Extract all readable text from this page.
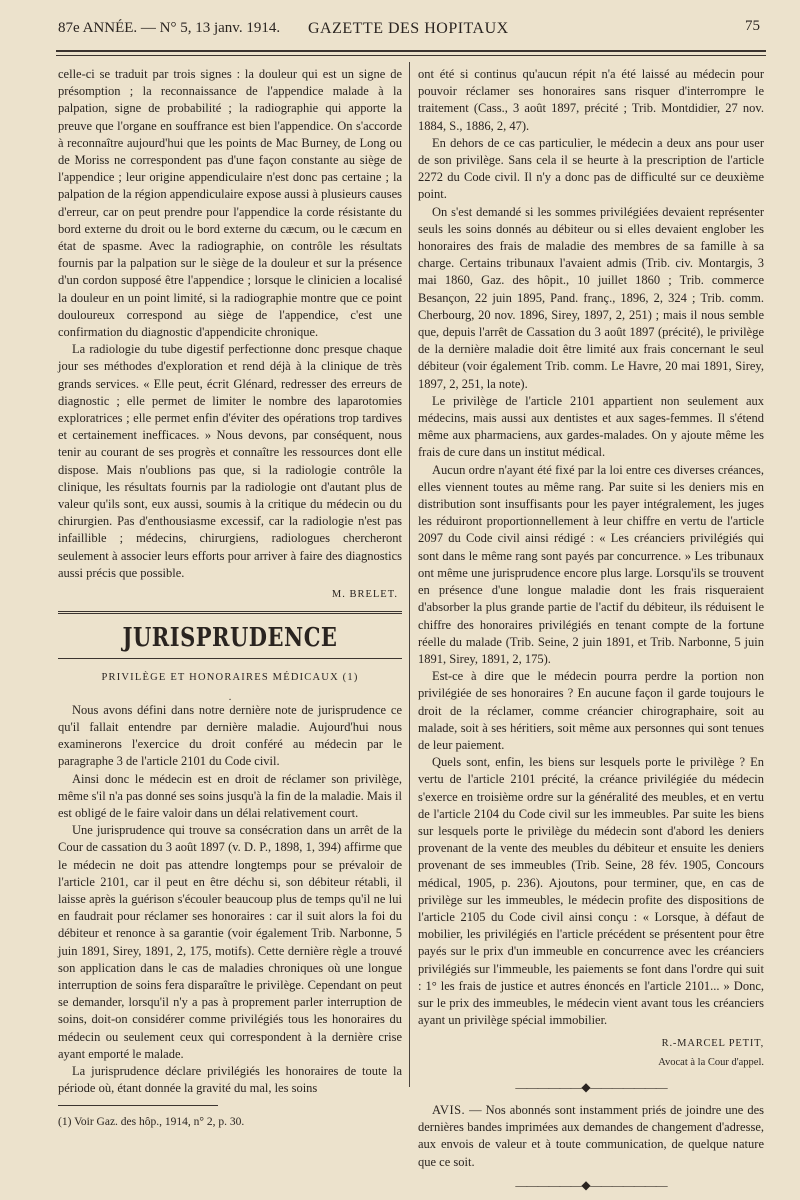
87e ANNÉE. — N° 5, 13 janv. 1914. GAZETTE DES HOPITAUX	75

celle-ci se traduit par trois signes : la douleur qui est un signe de présomption ; la reconnaissance de l'appendice malade à la palpation, signe de probabilité ; la radiographie qui apporte la preuve que l'organe en souffrance est bien l'appendice. On s'accorde à reconnaître aujourd'hui que les points de Mac Burney, de Long ou de Moriss ne correspondent pas d'une façon constante au siège de l'appendice ; leur origine appendiculaire n'est donc pas certaine ; la palpation de la région appendiculaire expose aussi à plusieurs causes d'erreur, car on peut prendre pour l'appendice la corde résistante du bord externe du droit ou le bord externe du cæcum, ou le cæcum en état de spasme. Avec la radiographie, on contrôle les résultats fournis par la palpation sur le siège de la douleur et sur la présence d'un cordon supposé être l'appendice ; lorsque le clinicien a localisé la douleur en un point limité, si la radiographie montre que ce point douloureux correspond au siège de l'appendice, c'est une confirmation du diagnostic d'appendicite chronique.

La radiologie du tube digestif perfectionne donc presque chaque jour ses méthodes d'exploration et rend déjà à la clinique de très grands services. « Elle peut, écrit Glénard, redresser des erreurs de diagnostic ; elle permet de limiter le nombre des laparotomies exploratrices ; elle permet enfin d'éviter des opérations trop tardives et certainement inefficaces. » Nous devons, par conséquent, nous tenir au courant de ses progrès et connaître les ressources dont elle dispose. Mais n'oublions pas que, si la radiologie contrôle la clinique, les résultats fournis par la radiologie ont d'autant plus de valeur qu'ils sont, eux aussi, soumis à la critique du médecin ou du chirurgien. Pas d'enthousiasme excessif, car la radiologie n'est pas infaillible ; médecins, chirurgiens, radiologues chercheront seulement à associer leurs efforts pour arriver à faire des diagnostics aussi précis que possible.

M. BRELET.
JURISPRUDENCE
PRIVILÈGE ET HONORAIRES MÉDICAUX (1)
·

Nous avons défini dans notre dernière note de jurisprudence ce qu'il fallait entendre par dernière maladie. Aujourd'hui nous examinerons l'exercice du droit conféré au médecin par le paragraphe 3 de l'article 2101 du Code civil.

Ainsi donc le médecin est en droit de réclamer son privilège, même s'il n'a pas donné ses soins jusqu'à la fin de la maladie. Mais il est obligé de le faire valoir dans un délai relativement court.

Une jurisprudence qui trouve sa consécration dans un arrêt de la Cour de cassation du 3 août 1897 (v. D. P., 1898, 1, 394) affirme que le médecin ne doit pas attendre longtemps pour se prévaloir de l'article 2101, car il peut en être déchu si, son débiteur rétabli, il laisse après la guérison s'écouler beaucoup plus de temps qu'il ne lui en faudrait pour réclamer ses honoraires : car il suit alors la foi du débiteur et renonce à sa garantie (voir également Trib. Narbonne, 5 juin 1891, Sirey, 1891, 2, 175, motifs). Cette dernière règle a trouvé son application dans le cas de maladies chroniques où une longue interruption de soins fera disparaître le privilège. Cependant on peut se demander, lorsqu'il n'y a pas à proprement parler interruption de soins, doit-on considérer comme privilégiés tous les honoraires du médecin ou seulement ceux qui correspondent à la dernière crise ayant emporté le malade.

La jurisprudence déclare privilégiés les honoraires de toute la période où, étant donnée la gravité du mal, les soins

(1) Voir Gaz. des hôp., 1914, n° 2, p. 30.

ont été si continus qu'aucun répit n'a été laissé au médecin pour pouvoir réclamer ses honoraires sans risquer d'interrompre le traitement (Cass., 3 août 1897, précité ; Trib. Montdidier, 27 nov. 1884, S., 1886, 2, 47).

En dehors de ce cas particulier, le médecin a deux ans pour user de son privilège. Sans cela il se heurte à la prescription de l'article 2272 du Code civil. Il n'y a donc pas de difficulté sur ce deuxième point.

On s'est demandé si les sommes privilégiées devaient représenter seuls les soins donnés au débiteur ou si elles devaient englober les honoraires des frais de maladie des membres de sa famille à sa charge. Certains tribunaux l'avaient admis (Trib. civ. Montargis, 3 mai 1860, Gaz. des hôpit., 10 juillet 1860 ; Trib. commerce Besançon, 22 juin 1895, Pand. franç., 1896, 2, 324 ; Trib. comm. Cherbourg, 20 nov. 1896, Sirey, 1897, 2, 251) ; mais il nous semble que, depuis l'arrêt de Cassation du 3 août 1897 (précité), le privilège de la dernière maladie doit être limité aux frais concernant le seul débiteur (voir également Trib. comm. Le Havre, 20 mai 1891, Sirey, 1897, 2, 251, la note).

Le privilège de l'article 2101 appartient non seulement aux médecins, mais aussi aux dentistes et aux sages-femmes. Il s'étend même aux pharmaciens, aux gardes-malades. On y ajoute même les frais de cure dans un institut médical.

Aucun ordre n'ayant été fixé par la loi entre ces diverses créances, elles viennent toutes au même rang. Par suite si les deniers mis en distribution sont insuffisants pour les payer intégralement, les juges les réduiront proportionnellement à leur chiffre en vertu de l'article 2097 du Code civil ainsi rédigé : « Les créanciers privilégiés qui sont dans le même rang sont payés par concurrence. » Les tribunaux ont même une jurisprudence encore plus large. Lorsqu'ils se trouvent en présence d'une longue maladie dont les frais risqueraient d'absorber la plus grande partie de l'actif du débiteur, ils réduisent le chiffre des honoraires privilégiés en tenant compte de la fortune réelle du malade (Trib. Seine, 2 juin 1891, et Trib. Narbonne, 5 juin 1891, Sirey, 1891, 2, 175).

Est-ce à dire que le médecin pourra perdre la portion non privilégiée de ses honoraires ? En aucune façon il garde toujours le droit de la réclamer, comme créancier chirographaire, soit au malade, soit à ses héritiers, soit même aux personnes qui sont tenues de leur paiement.

Quels sont, enfin, les biens sur lesquels porte le privilège ? En vertu de l'article 2101 précité, la créance privilégiée du médecin s'exerce en troisième ordre sur la généralité des meubles, et en vertu de l'article 2104 du Code civil sur les immeubles. Par suite les biens sur lesquels porte le privilège du médecin sont d'abord les deniers provenant de la vente des meubles du débiteur et ensuite les deniers provenant de ses immeubles (Trib. Seine, 28 fév. 1905, Concours médical, 1905, p. 236). Ajoutons, pour terminer, que, en cas de privilège sur les immeubles, le médecin profite des dispositions de l'article 2105 du Code civil ainsi conçu : « Lorsque, à défaut de mobilier, les privilégiés en l'article précédent se présentent pour être payés sur le prix d'un immeuble en concurrence avec les créanciers privilégiés sur l'immeuble, les paiements se font dans l'ordre qui suit : 1° les frais de justice et autres énoncés en l'article 2101... » Donc, sur le prix des immeubles, le médecin vient avant tous les créanciers ayant un privilège spécial immobilier.

R.-MARCEL PETIT,
Avocat à la Cour d'appel.
――――――◆―――――――

AVIS. — Nos abonnés sont instamment priés de joindre une des dernières bandes imprimées aux demandes de changement d'adresse, aux envois de valeur et à toute communication, de quelque nature que ce soit.

――――――◆―――――――
